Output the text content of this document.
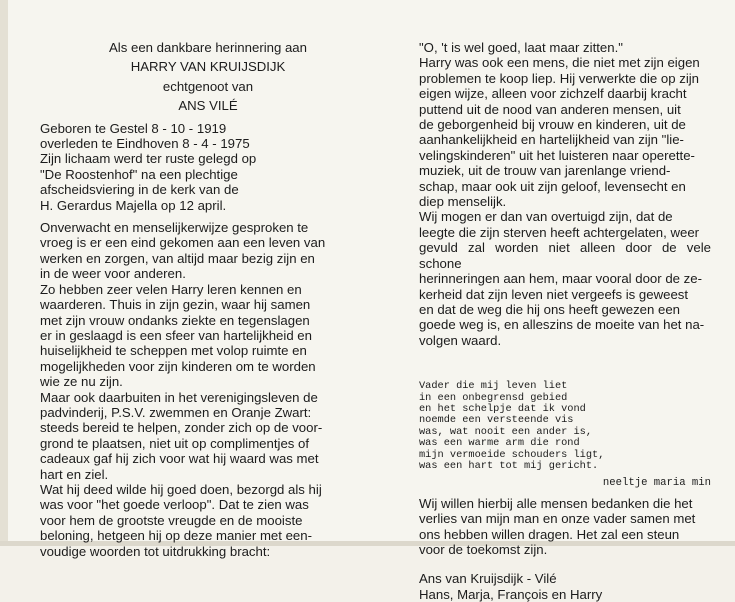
Als een dankbare herinnering aan
HARRY VAN KRUIJSDIJK
echtgenoot van
ANS VILÉ
Geboren te Gestel 8 - 10 - 1919
overleden te Eindhoven 8 - 4 - 1975
Zijn lichaam werd ter ruste gelegd op
"De Roostenhof" na een plechtige
afscheidsviering in de kerk van de
H. Gerardus Majella op 12 april.
Onverwacht en menselijkerwijze gesproken te
vroeg is er een eind gekomen aan een leven van
werken en zorgen, van altijd maar bezig zijn en
in de weer voor anderen.
Zo hebben zeer velen Harry leren kennen en
waarderen. Thuis in zijn gezin, waar hij samen
met zijn vrouw ondanks ziekte en tegenslagen
er in geslaagd is een sfeer van hartelijkheid en
huiselijkheid te scheppen met volop ruimte en
mogelijkheden voor zijn kinderen om te worden
wie ze nu zijn.
Maar ook daarbuiten in het verenigingsleven de
padvinderij, P.S.V. zwemmen en Oranje Zwart:
steeds bereid te helpen, zonder zich op de voor-
grond te plaatsen, niet uit op complimentjes of
cadeaux gaf hij zich voor wat hij waard was met
hart en ziel.
Wat hij deed wilde hij goed doen, bezorgd als hij
was voor "het goede verloop". Dat te zien was
voor hem de grootste vreugde en de mooiste
beloning, hetgeen hij op deze manier met een-
voudige woorden tot uitdrukking bracht:
"O, 't is wel goed, laat maar zitten."
Harry was ook een mens, die niet met zijn eigen
problemen te koop liep. Hij verwerkte die op zijn
eigen wijze, alleen voor zichzelf daarbij kracht
puttend uit de nood van anderen mensen, uit
de geborgenheid bij vrouw en kinderen, uit de
aanhankelijkheid en hartelijkheid van zijn "lie-
velingskinderen" uit het luisteren naar operette-
muziek, uit de trouw van jarenlange vriend-
schap, maar ook uit zijn geloof, levensecht en
diep menselijk.
Wij mogen er dan van overtuigd zijn, dat de
leegte die zijn sterven heeft achtergelaten, weer
gevuld zal worden niet alleen door de vele schone
herinneringen aan hem, maar vooral door de ze-
kerheid dat zijn leven niet vergeefs is geweest
en dat de weg die hij ons heeft gewezen een
goede weg is, en alleszins de moeite van het na-
volgen waard.
Vader die mij leven liet
in een onbegrensd gebied
en het schelpje dat ik vond
noemde een versteende vis
was, wat nooit een ander is,
was een warme arm die rond
mijn vermoeide schouders ligt,
was een hart tot mij gericht.
neeltje maria min
Wij willen hierbij alle mensen bedanken die het
verlies van mijn man en onze vader samen met
ons hebben willen dragen. Het zal een steun
voor de toekomst zijn.
Ans van Kruijsdijk - Vilé
Hans, Marja, François en Harry
